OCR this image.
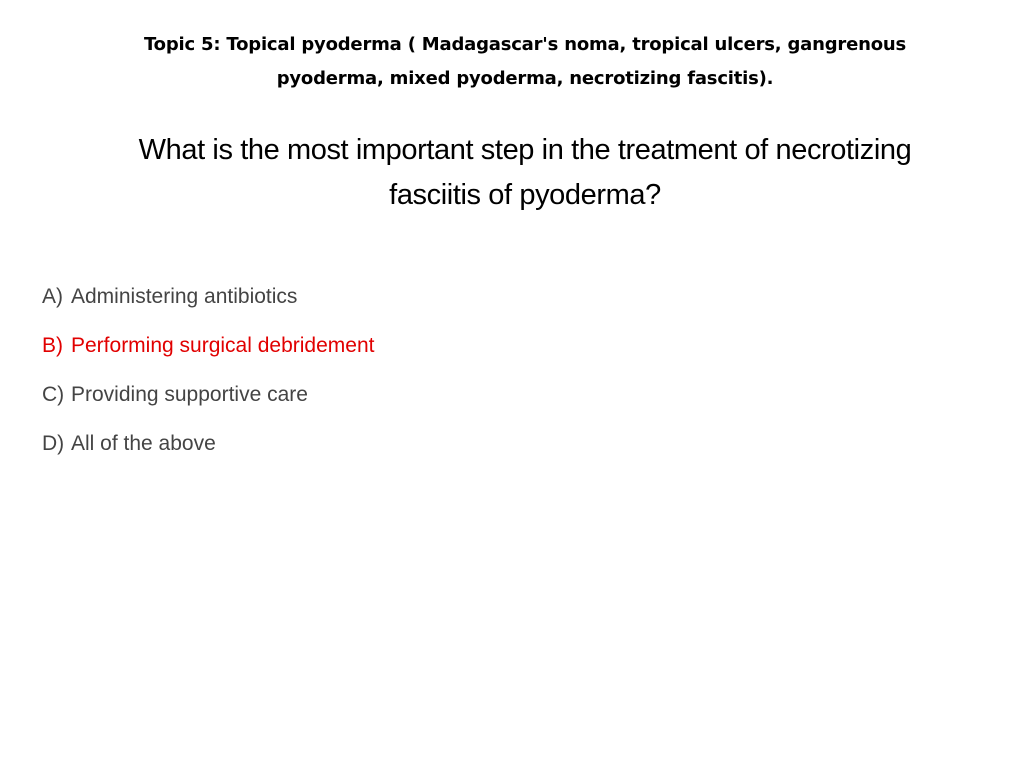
Topic 5: Topical pyoderma ( Madagascar's noma, tropical ulcers, gangrenous
pyoderma, mixed pyoderma, necrotizing fascitis).
What is the most important step in the treatment of necrotizing
fasciitis of pyoderma?
A) Administering antibiotics
B) Performing surgical debridement
C) Providing supportive care
D) All of the above
